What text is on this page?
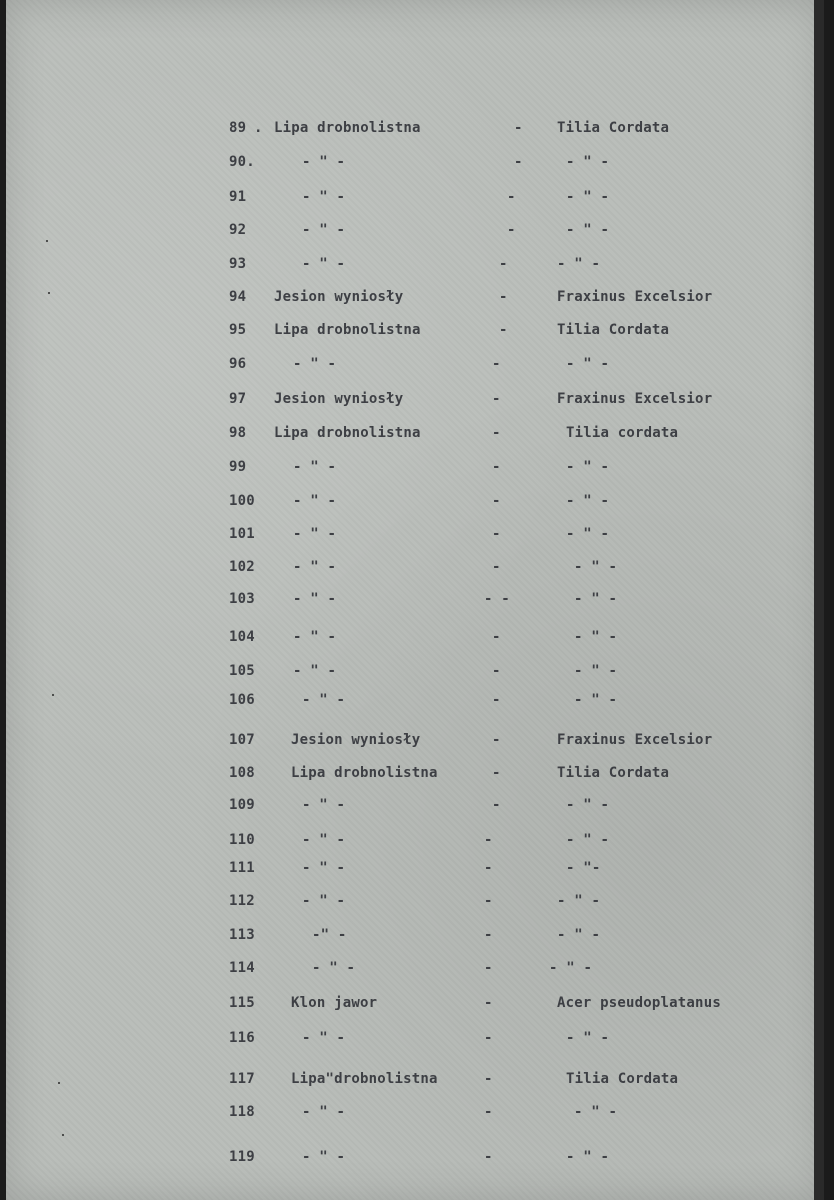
89 . Lipa drobnolistna	- Tilia Cordata
90.	- " -	-	- " -
91	- " -	-	- " -
92	- " -	-	- " -
93	- " -	-	- " -
94 Jesion wyniosły	-	Fraxinus Excelsior
95 Lipa drobnolistna	-	Tilia Cordata
96	- " -	-	- " -
97 Jesion wyniosły	-	Fraxinus Excelsior
98 Lipa drobnolistna	-	Tilia cordata
99	- " -	-	- " -
100	- " -	-	- " -
101	- " -	-	- " -
102	- " -	-	- " -
103	- " -	- -	- " -
104	- " -	-	- " -
105	- " -	-	- " -
106	- " -	-	- " -
107	Jesion wyniosły	-	Fraxinus Excelsior
108	Lipa drobnolistna	-	Tilia Cordata
109	- " -	-	- " -
110	- " -	-	- " -
111	- " -	-	- "-
112	- " -	-	- " -
113	-" -	-	- " -
114	- " -	-	- " -
115	Klon jawor	-	Acer pseudoplatanus
116	- " -	-	- " -
117	Lipa"drobnolistna	-	Tilia Cordata
118	- " -	-	- " -
119	- " -	-	- " -
